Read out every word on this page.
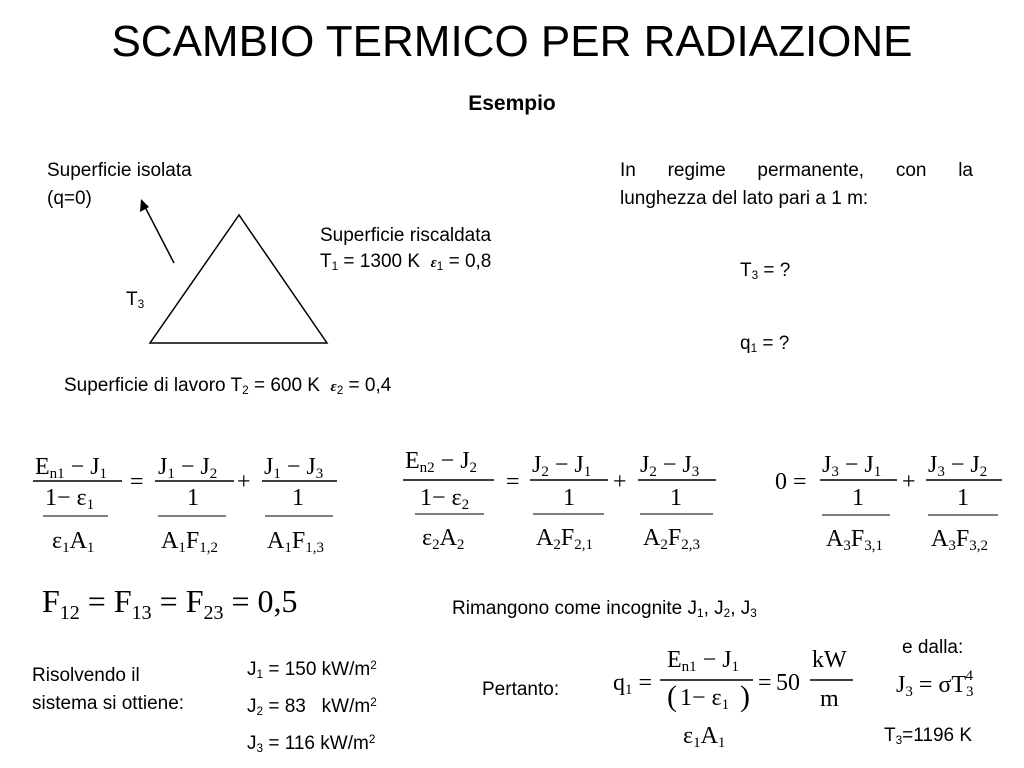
SCAMBIO TERMICO PER RADIAZIONE
Esempio
Superficie isolata
(q=0)
$T_3$
Superficie riscaldata
$T_1 = 1300$ K $\varepsilon_1 = 0,8$
Superficie di lavoro $T_2 = 600$ K $\varepsilon_2 = 0,4$
In regime permanente, con la
lunghezza del lato pari a 1 m:
$T_3$ = ?
$q_1$ = ?
En1 − J1
1− ε1
ε1A1
=
J1 − J2
1
A1F1,2
+
J1 − J3
1
A1F1,3
En2 − J2
1− ε2
ε2A2
=
J2 − J1
1
A2F2,1
+
J2 − J3
1
A2F2,3
0 =
J3 − J1
1
A3F3,1
+
J3 − J2
1
A3F3,2
$F_{12} = F_{13} = F_{23} = 0,5$
q1 =
En1 − J1
( 1− ε1 )
ε1A1
= 50
kW
m
J3 = σT34
Rimangono come incognite $J_1$, $J_2$, $J_3$
Risolvendo il
sistema si ottiene:
$J_1 = 150$ $kW/m^2$
$J_2 = 83$   $kW/m^2$
$J_3 = 116$ $kW/m^2$
Pertanto:
e dalla:
$T_3=1196$ K
